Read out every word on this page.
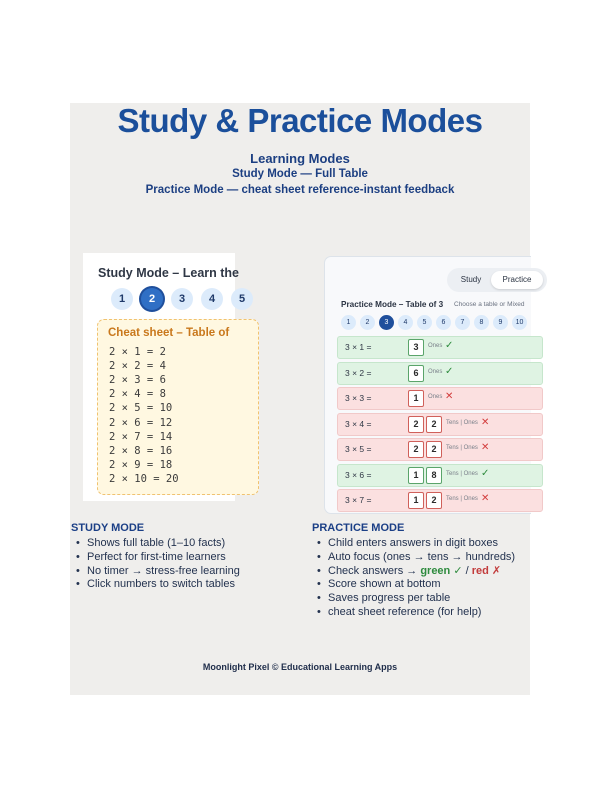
Study & Practice Modes
Learning Modes
Study Mode — Full Table
Practice Mode — cheat sheet reference-instant feedback
Study Mode – Learn the
1	2	3	4	5
Cheat sheet – Table of
2 × 1 = 2
2 × 2 = 4
2 × 3 = 6
2 × 4 = 8
2 × 5 = 10
2 × 6 = 12
2 × 7 = 14
2 × 8 = 16
2 × 9 = 18
2 × 10 = 20
Study	Practice
Practice Mode – Table of 3 Choose a table or Mixed
1	2	3	4	5	6	7	8	9	10
3 × 1 =	3	Ones ✓
3 × 2 =	6	Ones ✓
3 × 3 =	1	Ones ✕
3 × 4 =	2	2	Tens | Ones ✕
3 × 5 =	2	2	Tens | Ones ✕
3 × 6 =	1	8	Tens | Ones ✓
3 × 7 =	1	2	Tens | Ones ✕
STUDY MODE
• Shows full table (1–10 facts)
• Perfect for first-time learners
• No timer → stress-free learning
• Click numbers to switch tables
PRACTICE MODE
• Child enters answers in digit boxes
• Auto focus (ones → tens → hundreds)
• Check answers → green ✓ / red ✗
• Score shown at bottom
• Saves progress per table
• cheat sheet reference (for help)
Moonlight Pixel © Educational Learning Apps
